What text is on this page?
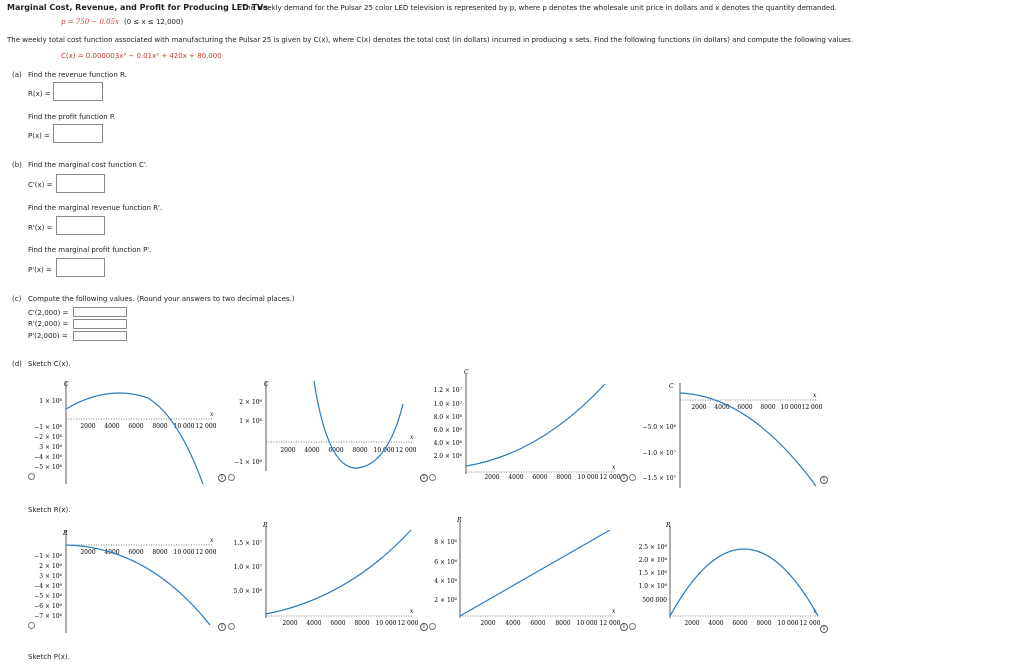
Marginal Cost, Revenue, and Profit for Producing LED TVs
The weekly demand for the Pulsar 25 color LED television is represented by p, where p denotes the wholesale unit price in dollars and x denotes the quantity demanded.
p = 750 − 0.05x (0 ≤ x ≤ 12,000)
The weekly total cost function associated with manufacturing the Pulsar 25 is given by C(x), where C(x) denotes the total cost (in dollars) incurred in producing x sets. Find the following functions (in dollars) and compute the following values.
C(x) = 0.000003x³ − 0.01x² + 420x + 80,000
(a) Find the revenue function R.
R(x) =
Find the profit function P.
P(x) =
(b) Find the marginal cost function C'.
C'(x) =
Find the marginal revenue function R'.
R'(x) =
Find the marginal profit function P'.
P'(x) =
(c) Compute the following values. (Round your answers to two decimal places.)
C'(2,000) =
R'(2,000) =
P'(2,000) =
(d) Sketch C(x).
Sketch R(x).
Sketch P(x).
C
x
1 × 10⁶
−1 × 10⁶
−2 × 10⁶
3 × 10⁶
−4 × 10⁶
−5 × 10⁶
2000 4000 6000 8000 10 000 12 000
i
C
x
2 × 10⁶
1 × 10⁶
−1 × 10⁶
2000 4000 6000 8000 10 000 12 000
i
C
x
1.2 × 10⁷
1.0 × 10⁷
8.0 × 10⁶
6.0 × 10⁶
4.0 × 10⁶
2.0 × 10⁶
2000 4000 6000 8000 10 000 12 000 i
C
x
−5.0 × 10⁶
−1.0 × 10⁷
−1.5 × 10⁷
2000 4000 6000 8000 10 000 12 000
i
R
x
−1 × 10⁶
2 × 10⁶
3 × 10⁶
−4 × 10⁶
−5 × 10⁶
−6 × 10⁶
−7 × 10⁶
2000 4000 6000 8000 10 000 12 000
i
R
x
1.5 × 10⁷
1.0 × 10⁷
5.0 × 10⁶
2000 4000 6000 8000 10 000 12 000 i
R
x
8 × 10⁶
6 × 10⁶
4 × 10⁶
2 × 10⁶
2000 4000 6000 8000 10 000 12 000 i
R
x
2.5 × 10⁶
2.0 × 10⁶
1.5 × 10⁶
1.0 × 10⁶
500 000
2000 4000 6000 8000 10 000 12 000
i
